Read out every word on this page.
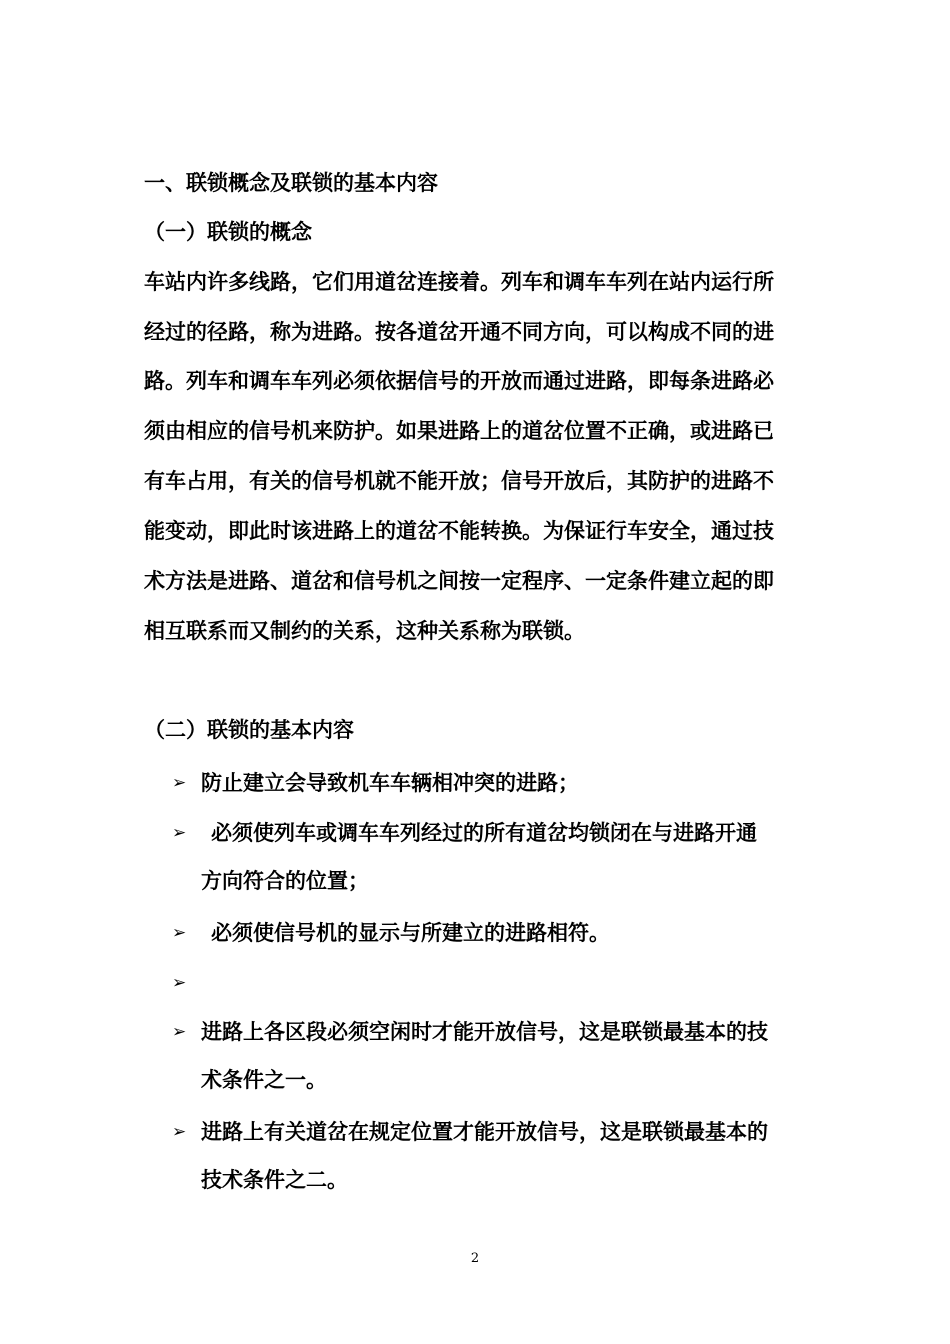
一、联锁概念及联锁的基本内容
（一）联锁的概念
车站内许多线路，它们用道岔连接着。列车和调车车列在站内运行所
经过的径路，称为进路。按各道岔开通不同方向，可以构成不同的进
路。列车和调车车列必须依据信号的开放而通过进路，即每条进路必
须由相应的信号机来防护。如果进路上的道岔位置不正确，或进路已
有车占用，有关的信号机就不能开放；信号开放后，其防护的进路不
能变动，即此时该进路上的道岔不能转换。为保证行车安全，通过技
术方法是进路、道岔和信号机之间按一定程序、一定条件建立起的即
相互联系而又制约的关系，这种关系称为联锁。
（二）联锁的基本内容
➢ 防止建立会导致机车车辆相冲突的进路；
➢	必须使列车或调车车列经过的所有道岔均锁闭在与进路开通
方向符合的位置；
➢	必须使信号机的显示与所建立的进路相符。
➢
➢ 进路上各区段必须空闲时才能开放信号，这是联锁最基本的技
术条件之一。
➢ 进路上有关道岔在规定位置才能开放信号，这是联锁最基本的
技术条件之二。
2
